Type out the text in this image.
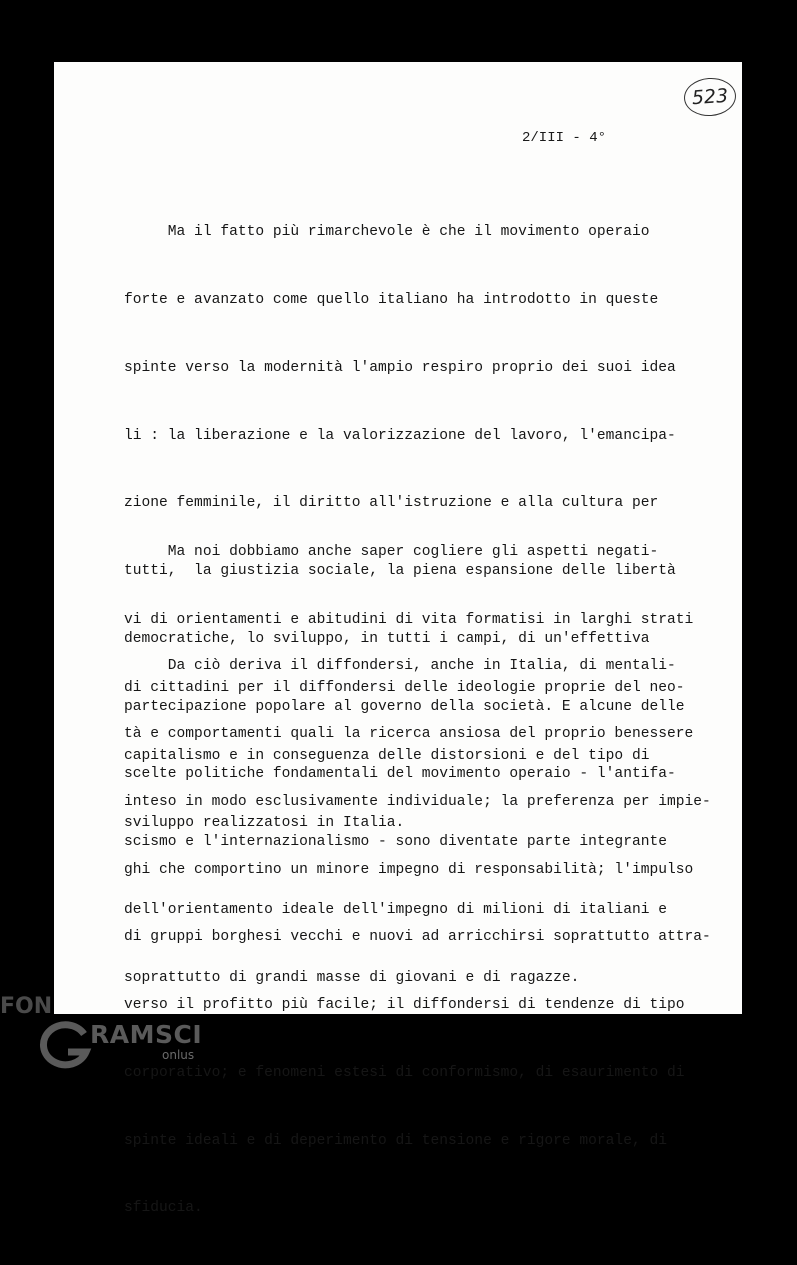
523
2/III - 4°

Ma il fatto più rimarchevole è che il movimento operaio

forte e avanzato come quello italiano ha introdotto in queste

spinte verso la modernità l'ampio respiro proprio dei suoi idea

li : la liberazione e la valorizzazione del lavoro, l'emancipa-

zione femminile, il diritto all'istruzione e alla cultura per

tutti,  la giustizia sociale, la piena espansione delle libertà

democratiche, lo sviluppo, in tutti i campi, di un'effettiva

partecipazione popolare al governo della società. E alcune delle

scelte politiche fondamentali del movimento operaio - l'antifa-

scismo e l'internazionalismo - sono diventate parte integrante

dell'orientamento ideale dell'impegno di milioni di italiani e

soprattutto di grandi masse di giovani e di ragazze.

Ma noi dobbiamo anche saper cogliere gli aspetti negati-

vi di orientamenti e abitudini di vita formatisi in larghi strati

di cittadini per il diffondersi delle ideologie proprie del neo-

capitalismo e in conseguenza delle distorsioni e del tipo di

sviluppo realizzatosi in Italia.

Da ciò deriva il diffondersi, anche in Italia, di mentali-

tà e comportamenti quali la ricerca ansiosa del proprio benessere

inteso in modo esclusivamente individuale; la preferenza per impie-

ghi che comportino un minore impegno di responsabilità; l'impulso

di gruppi borghesi vecchi e nuovi ad arricchirsi soprattutto attra-

verso il profitto più facile; il diffondersi di tendenze di tipo

corporativo; e fenomeni estesi di conformismo, di esaurimento di

spinte ideali e di deperimento di tensione e rigore morale, di

sfiducia.

FON
RAMSCI
onlus
